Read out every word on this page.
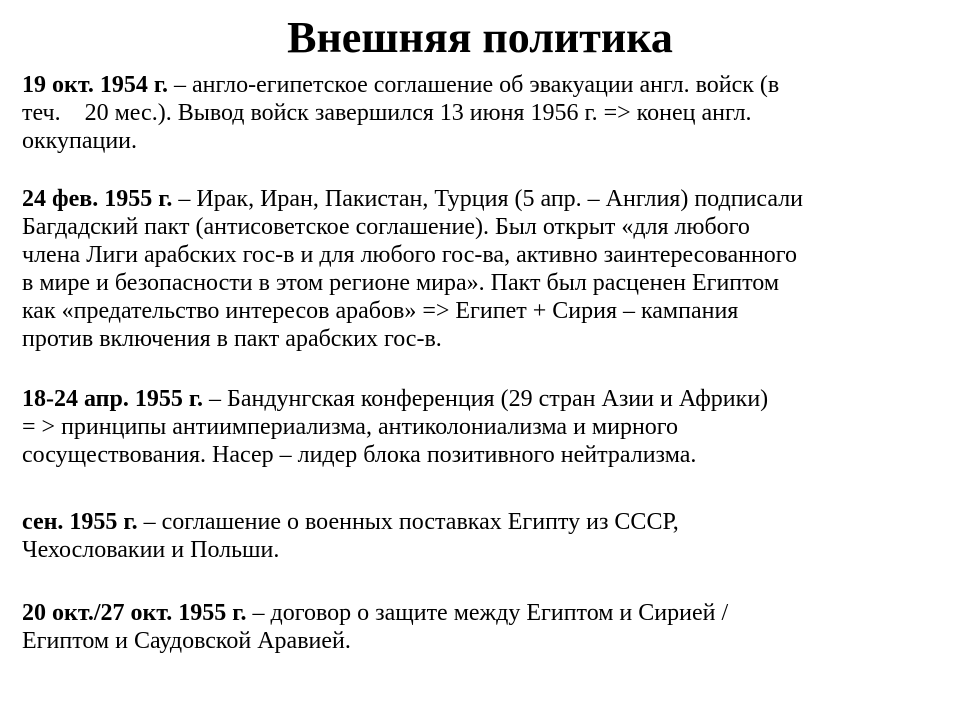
Внешняя политика
19 окт. 1954 г. – англо-египетское соглашение об эвакуации англ. войск (в
теч.    20 мес.). Вывод войск завершился 13 июня 1956 г. => конец англ.
оккупации.
24 фев. 1955 г. – Ирак, Иран, Пакистан, Турция (5 апр. – Англия) подписали
Багдадский пакт (антисоветское соглашение). Был открыт «для любого
члена Лиги арабских гос-в и для любого гос-ва, активно заинтересованного
в мире и безопасности в этом регионе мира». Пакт был расценен Египтом
как «предательство интересов арабов» => Египет + Сирия – кампания
против включения в пакт арабских гос-в.
18-24 апр. 1955 г. – Бандунгская конференция (29 стран Азии и Африки)
= > принципы антиимпериализма, антиколониализма и мирного
сосуществования. Насер – лидер блока позитивного нейтрализма.
сен. 1955 г. – соглашение о военных поставках Египту из СССР,
Чехословакии и Польши.
20 окт./27 окт. 1955 г. – договор о защите между Египтом и Сирией /
Египтом и Саудовской Аравией.
